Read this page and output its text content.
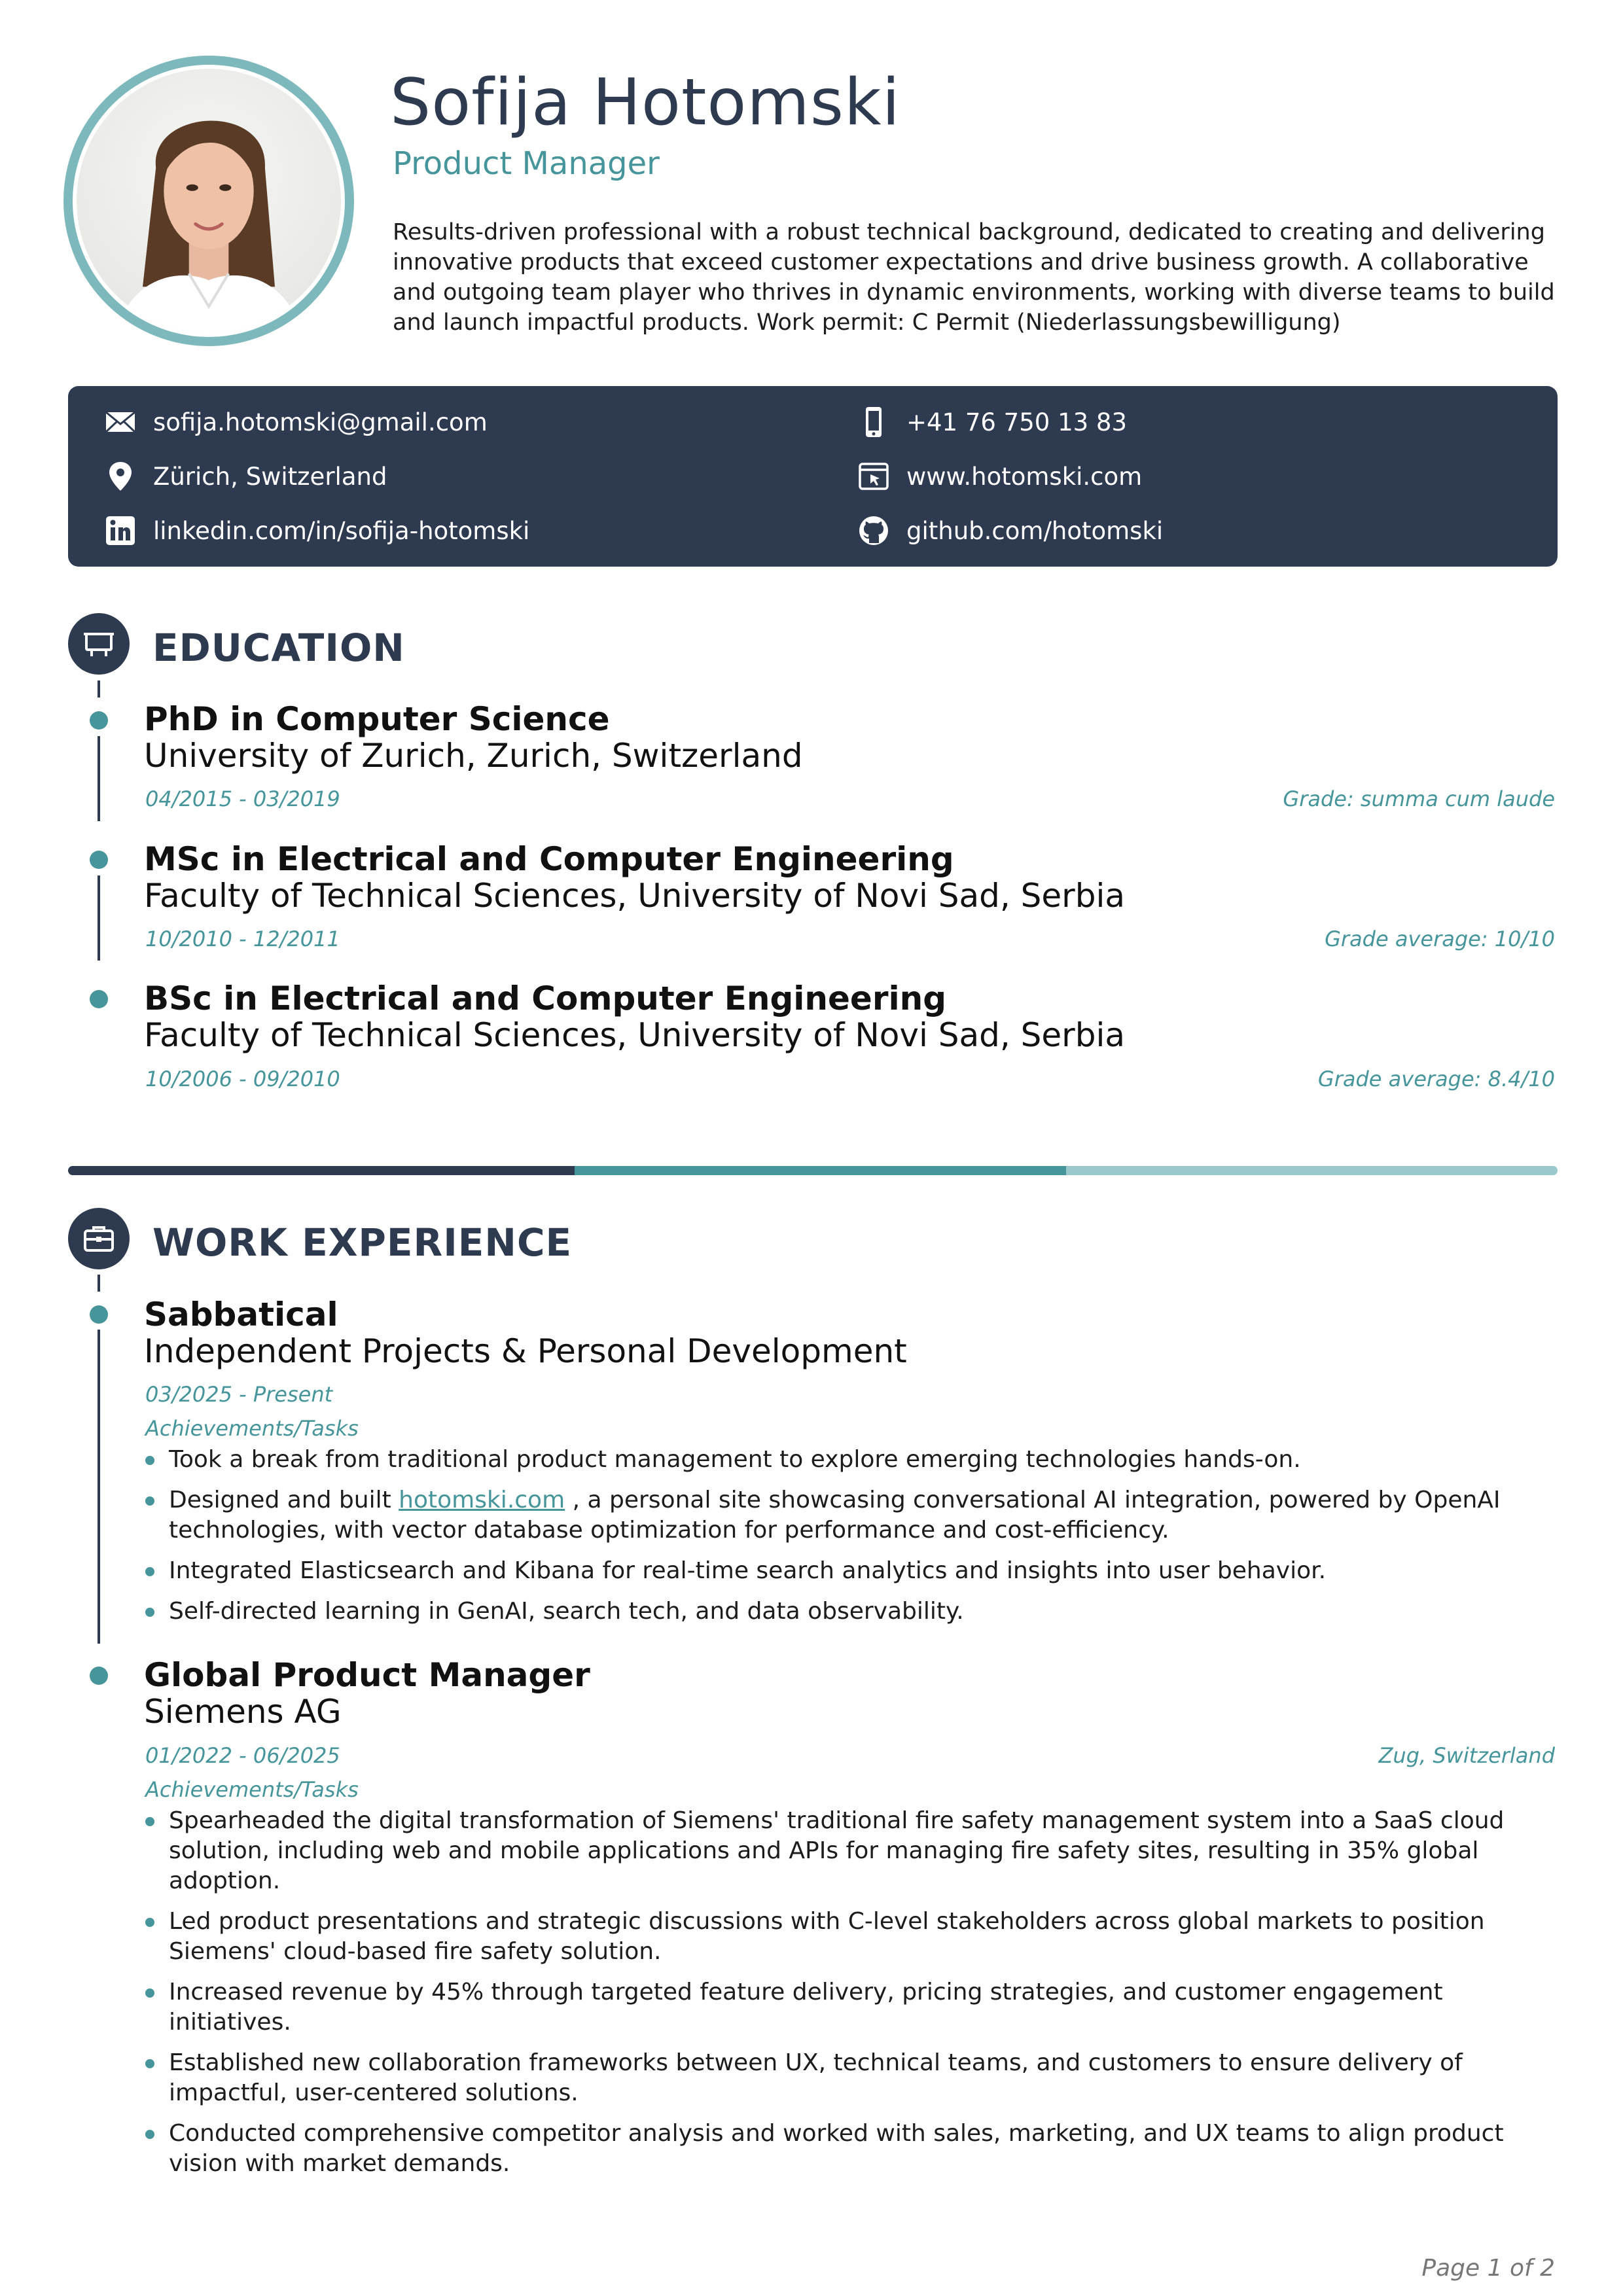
Sofija Hotomski
Product Manager
Results-driven professional with a robust technical background, dedicated to creating and delivering innovative products that exceed customer expectations and drive business growth. A collaborative and outgoing team player who thrives in dynamic environments, working with diverse teams to build and launch impactful products. Work permit: C Permit (Niederlassungsbewilligung)
sofija.hotomski@gmail.com	+41 76 750 13 83
Zürich, Switzerland	www.hotomski.com
linkedin.com/in/sofija-hotomski	github.com/hotomski
EDUCATION
PhD in Computer Science
University of Zurich, Zurich, Switzerland
04/2015 - 03/2019	Grade: summa cum laude
MSc in Electrical and Computer Engineering
Faculty of Technical Sciences, University of Novi Sad, Serbia
10/2010 - 12/2011	Grade average: 10/10
BSc in Electrical and Computer Engineering
Faculty of Technical Sciences, University of Novi Sad, Serbia
10/2006 - 09/2010	Grade average: 8.4/10
WORK EXPERIENCE
Sabbatical
Independent Projects & Personal Development
03/2025 - Present
Achievements/Tasks
Took a break from traditional product management to explore emerging technologies hands-on.
Designed and built hotomski.com , a personal site showcasing conversational AI integration, powered by OpenAI technologies, with vector database optimization for performance and cost-efficiency.
Integrated Elasticsearch and Kibana for real-time search analytics and insights into user behavior.
Self-directed learning in GenAI, search tech, and data observability.
Global Product Manager
Siemens AG
01/2022 - 06/2025	Zug, Switzerland
Achievements/Tasks
Spearheaded the digital transformation of Siemens' traditional fire safety management system into a SaaS cloud solution, including web and mobile applications and APIs for managing fire safety sites, resulting in 35% global adoption.
Led product presentations and strategic discussions with C-level stakeholders across global markets to position Siemens' cloud-based fire safety solution.
Increased revenue by 45% through targeted feature delivery, pricing strategies, and customer engagement initiatives.
Established new collaboration frameworks between UX, technical teams, and customers to ensure delivery of impactful, user-centered solutions.
Conducted comprehensive competitor analysis and worked with sales, marketing, and UX teams to align product vision with market demands.
Page 1 of 2
